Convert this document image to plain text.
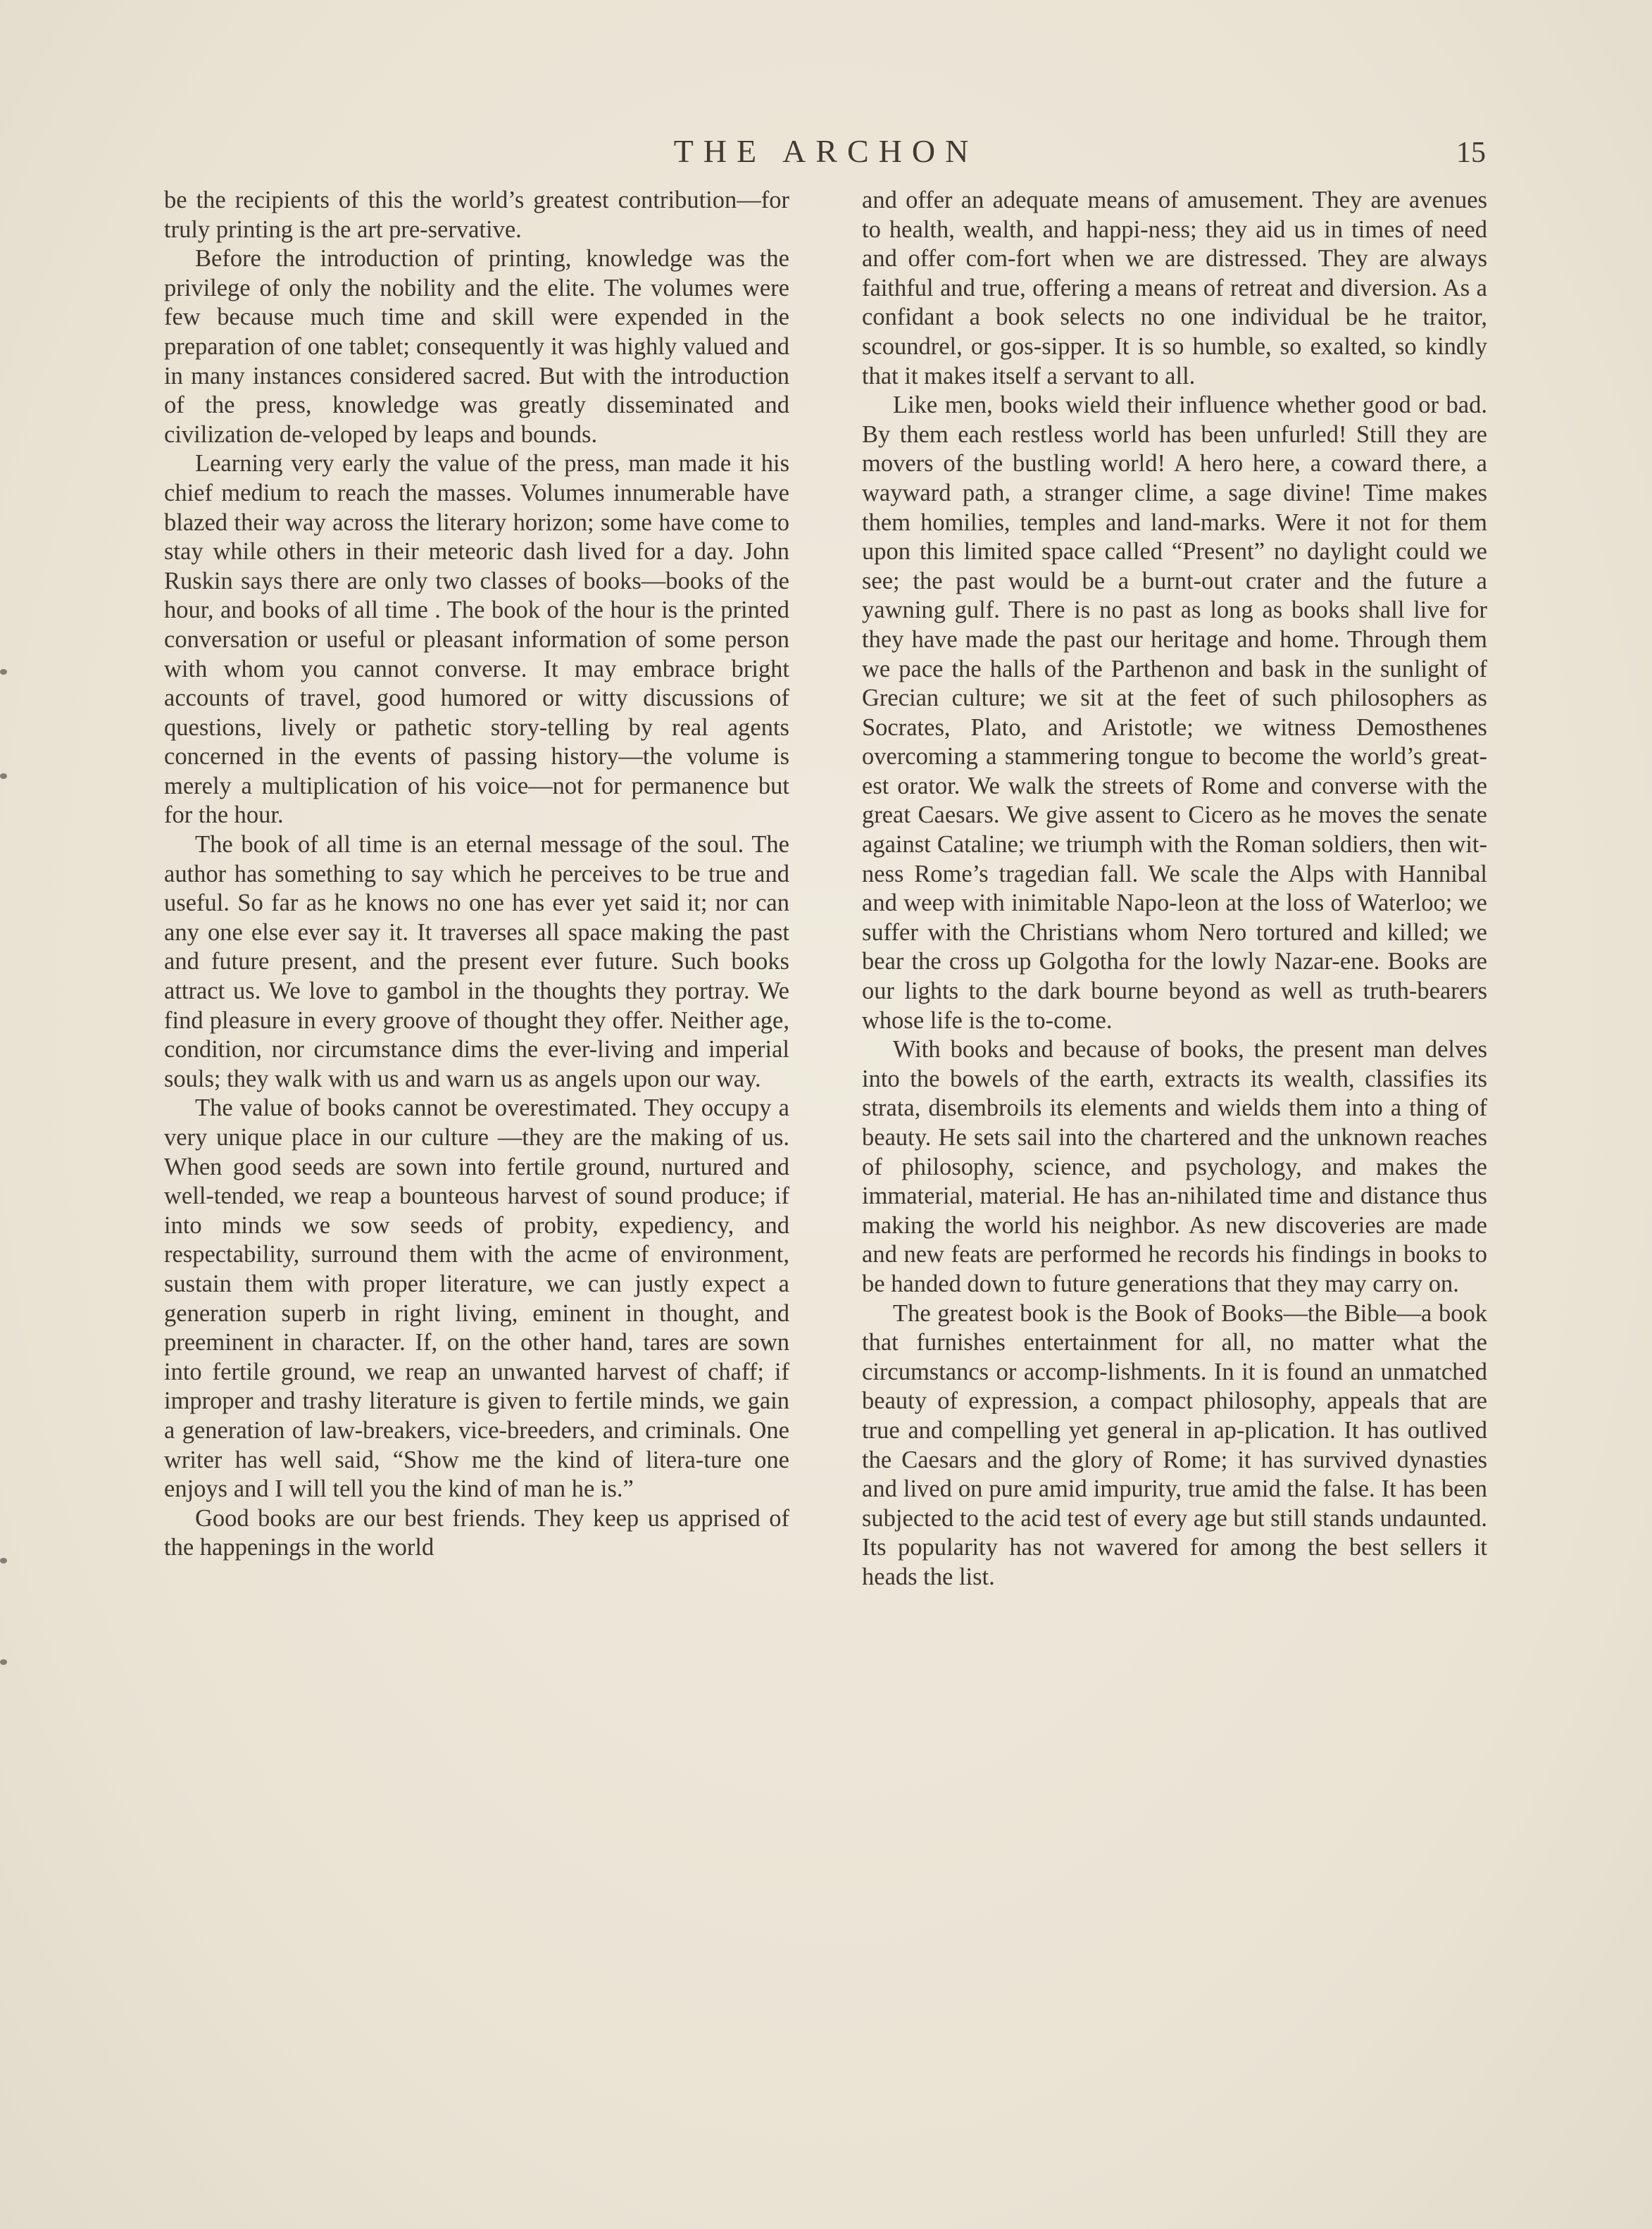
THE ARCHON	15

be the recipients of this the world’s greatest contribution—for truly printing is the art pre-servative.

Before the introduction of printing, knowledge was the privilege of only the nobility and the elite. The volumes were few because much time and skill were expended in the preparation of one tablet; consequently it was highly valued and in many instances considered sacred. But with the introduction of the press, knowledge was greatly disseminated and civilization de-veloped by leaps and bounds.

Learning very early the value of the press, man made it his chief medium to reach the masses. Volumes innumerable have blazed their way across the literary horizon; some have come to stay while others in their meteoric dash lived for a day. John Ruskin says there are only two classes of books—books of the hour, and books of all time . The book of the hour is the printed conversation or useful or pleasant information of some person with whom you cannot converse. It may embrace bright accounts of travel, good humored or witty discussions of questions, lively or pathetic story-telling by real agents concerned in the events of passing history—the volume is merely a multiplication of his voice—not for permanence but for the hour.

The book of all time is an eternal message of the soul. The author has something to say which he perceives to be true and useful. So far as he knows no one has ever yet said it; nor can any one else ever say it. It traverses all space making the past and future present, and the present ever future. Such books attract us. We love to gambol in the thoughts they portray. We find pleasure in every groove of thought they offer. Neither age, condition, nor circumstance dims the ever-living and imperial souls; they walk with us and warn us as angels upon our way.

The value of books cannot be overestimated. They occupy a very unique place in our culture —they are the making of us. When good seeds are sown into fertile ground, nurtured and well-tended, we reap a bounteous harvest of sound produce; if into minds we sow seeds of probity, expediency, and respectability, surround them with the acme of environment, sustain them with proper literature, we can justly expect a generation superb in right living, eminent in thought, and preeminent in character. If, on the other hand, tares are sown into fertile ground, we reap an unwanted harvest of chaff; if improper and trashy literature is given to fertile minds, we gain a generation of law-breakers, vice-breeders, and criminals. One writer has well said, “Show me the kind of litera-ture one enjoys and I will tell you the kind of man he is.”

Good books are our best friends. They keep us apprised of the happenings in the world

and offer an adequate means of amusement. They are avenues to health, wealth, and happi-ness; they aid us in times of need and offer com-fort when we are distressed. They are always faithful and true, offering a means of retreat and diversion. As a confidant a book selects no one individual be he traitor, scoundrel, or gos-sipper. It is so humble, so exalted, so kindly that it makes itself a servant to all.

Like men, books wield their influence whether good or bad. By them each restless world has been unfurled! Still they are movers of the bustling world! A hero here, a coward there, a wayward path, a stranger clime, a sage divine! Time makes them homilies, temples and land-marks. Were it not for them upon this limited space called “Present” no daylight could we see; the past would be a burnt-out crater and the future a yawning gulf. There is no past as long as books shall live for they have made the past our heritage and home. Through them we pace the halls of the Parthenon and bask in the sunlight of Grecian culture; we sit at the feet of such philosophers as Socrates, Plato, and Aristotle; we witness Demosthenes overcoming a stammering tongue to become the world’s great-est orator. We walk the streets of Rome and converse with the great Caesars. We give assent to Cicero as he moves the senate against Cataline; we triumph with the Roman soldiers, then wit-ness Rome’s tragedian fall. We scale the Alps with Hannibal and weep with inimitable Napo-leon at the loss of Waterloo; we suffer with the Christians whom Nero tortured and killed; we bear the cross up Golgotha for the lowly Nazar-ene. Books are our lights to the dark bourne beyond as well as truth-bearers whose life is the to-come.

With books and because of books, the present man delves into the bowels of the earth, extracts its wealth, classifies its strata, disembroils its elements and wields them into a thing of beauty. He sets sail into the chartered and the unknown reaches of philosophy, science, and psychology, and makes the immaterial, material. He has an-nihilated time and distance thus making the world his neighbor. As new discoveries are made and new feats are performed he records his findings in books to be handed down to future generations that they may carry on.

The greatest book is the Book of Books—the Bible—a book that furnishes entertainment for all, no matter what the circumstancs or accomp-lishments. In it is found an unmatched beauty of expression, a compact philosophy, appeals that are true and compelling yet general in ap-plication. It has outlived the Caesars and the glory of Rome; it has survived dynasties and lived on pure amid impurity, true amid the false. It has been subjected to the acid test of every age but still stands undaunted. Its popularity has not wavered for among the best sellers it heads the list.
